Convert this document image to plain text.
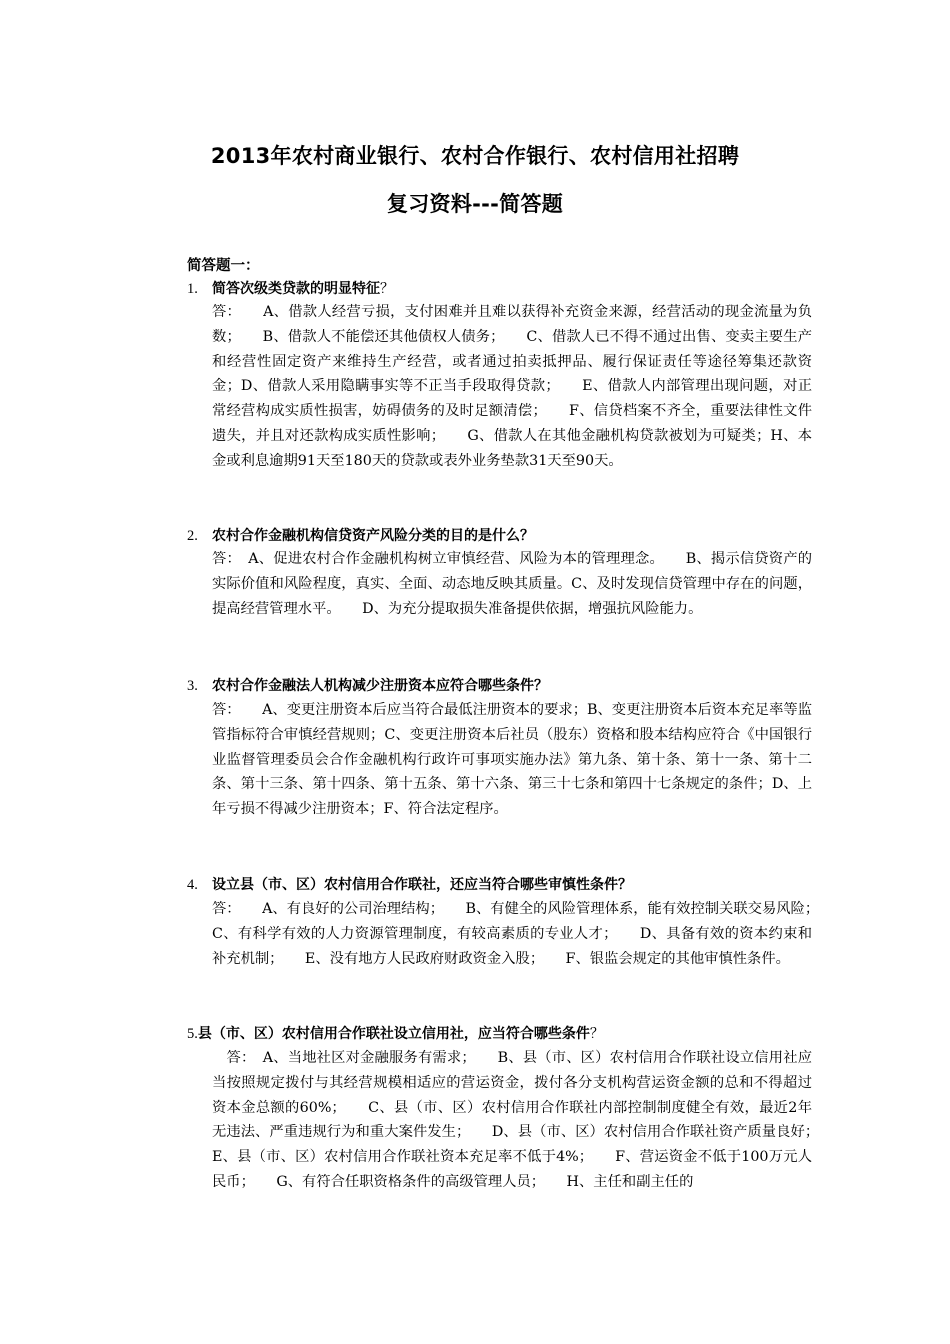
2013年农村商业银行、农村合作银行、农村信用社招聘
复习资料---简答题
简答题一：
1. 简答次级类贷款的明显特征？
答：　　 A、借款人经营亏损，支付困难并且难以获得补充资金来源，经营活动的现金流量为负数；　　B、借款人不能偿还其他债权人债务；　　C、借款人已不得不通过出售、变卖主要生产和经营性固定资产来维持生产经营，或者通过拍卖抵押品、履行保证责任等途径筹集还款资金；D、借款人采用隐瞒事实等不正当手段取得贷款；　　E、借款人内部管理出现问题，对正常经营构成实质性损害，妨碍债务的及时足额清偿；　　F、信贷档案不齐全，重要法律性文件遗失，并且对还款构成实质性影响；　　G、借款人在其他金融机构贷款被划为可疑类；H、本金或利息逾期91天至180天的贷款或表外业务垫款31天至90天。
2. 农村合作金融机构信贷资产风险分类的目的是什么？
答：　 A、促进农村合作金融机构树立审慎经营、风险为本的管理理念。　　B、揭示信贷资产的实际价值和风险程度，真实、全面、动态地反映其质量。C、及时发现信贷管理中存在的问题，提高经营管理水平。　　D、为充分提取损失准备提供依据，增强抗风险能力。
3. 农村合作金融法人机构减少注册资本应符合哪些条件？
答：　　 A、变更注册资本后应当符合最低注册资本的要求；B、变更注册资本后资本充足率等监管指标符合审慎经营规则；C、变更注册资本后社员（股东）资格和股本结构应符合《中国银行业监督管理委员会合作金融机构行政许可事项实施办法》第九条、第十条、第十一条、第十二条、第十三条、第十四条、第十五条、第十六条、第三十七条和第四十七条规定的条件；D、上年亏损不得减少注册资本；F、符合法定程序。
4. 设立县（市、区）农村信用合作联社，还应当符合哪些审慎性条件？
答：　　 A、有良好的公司治理结构；　　B、有健全的风险管理体系，能有效控制关联交易风险；　　C、有科学有效的人力资源管理制度，有较高素质的专业人才；　　D、具备有效的资本约束和补充机制；　　E、没有地方人民政府财政资金入股；　　F、银监会规定的其他审慎性条件。
5.县（市、区）农村信用合作联社设立信用社，应当符合哪些条件？
　答：　 A、当地社区对金融服务有需求；　　B、县（市、区）农村信用合作联社设立信用社应当按照规定拨付与其经营规模相适应的营运资金，拨付各分支机构营运资金额的总和不得超过资本金总额的60%；　　C、县（市、区）农村信用合作联社内部控制制度健全有效，最近2年无违法、严重违规行为和重大案件发生；　　D、县（市、区）农村信用合作联社资产质量良好；　　E、县（市、区）农村信用合作联社资本充足率不低于4%；　　F、营运资金不低于100万元人民币；　　G、有符合任职资格条件的高级管理人员；　　H、主任和副主任的
